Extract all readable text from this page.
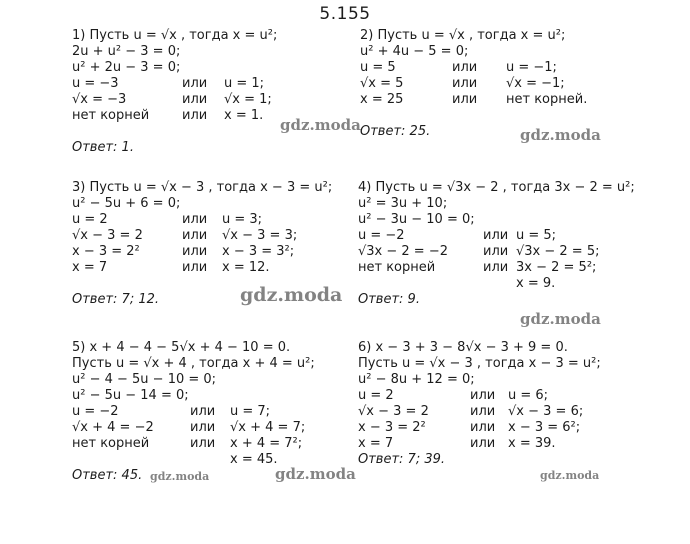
5.155
1) Пусть u = √x , тогда x = u²;
2u + u² − 3 = 0;
u² + 2u − 3 = 0;
u = −3	или u = 1;
√x = −3	или √x = 1;
нет корней	или x = 1.
Ответ: 1.
2) Пусть u = √x , тогда x = u²;
u² + 4u − 5 = 0;
u = 5	или u = −1;
√x = 5	или √x = −1;
x = 25	или нет корней.
Ответ: 25.
3) Пусть u = √x − 3 , тогда x − 3 = u²;
u² − 5u + 6 = 0;
u = 2	или u = 3;
√x − 3 = 2	или √x − 3 = 3;
x − 3 = 2²	или x − 3 = 3²;
x = 7	или x = 12.
Ответ: 7; 12.
4) Пусть u = √3x − 2 , тогда 3x − 2 = u²;
u² = 3u + 10;
u² − 3u − 10 = 0;
u = −2	или u = 5;
√3x − 2 = −2	или √3x − 2 = 5;
нет корней	или 3x − 2 = 5²;
x = 9.
Ответ: 9.
5) x + 4 − 4 − 5√x + 4 − 10 = 0.
Пусть u = √x + 4 , тогда x + 4 = u²;
u² − 4 − 5u − 10 = 0;
u² − 5u − 14 = 0;
u = −2	или u = 7;
√x + 4 = −2	или √x + 4 = 7;
нет корней	или x + 4 = 7²;
x = 45.
Ответ: 45.
6) x − 3 + 3 − 8√x − 3 + 9 = 0.
Пусть u = √x − 3 , тогда x − 3 = u²;
u² − 8u + 12 = 0;
u = 2	или u = 6;
√x − 3 = 2	или √x − 3 = 6;
x − 3 = 2²	или x − 3 = 6²;
x = 7	или x = 39.
Ответ: 7; 39.
gdz.moda
gdz.moda
gdz.moda
gdz.moda
gdz.moda	gdz.moda	gdz.moda
